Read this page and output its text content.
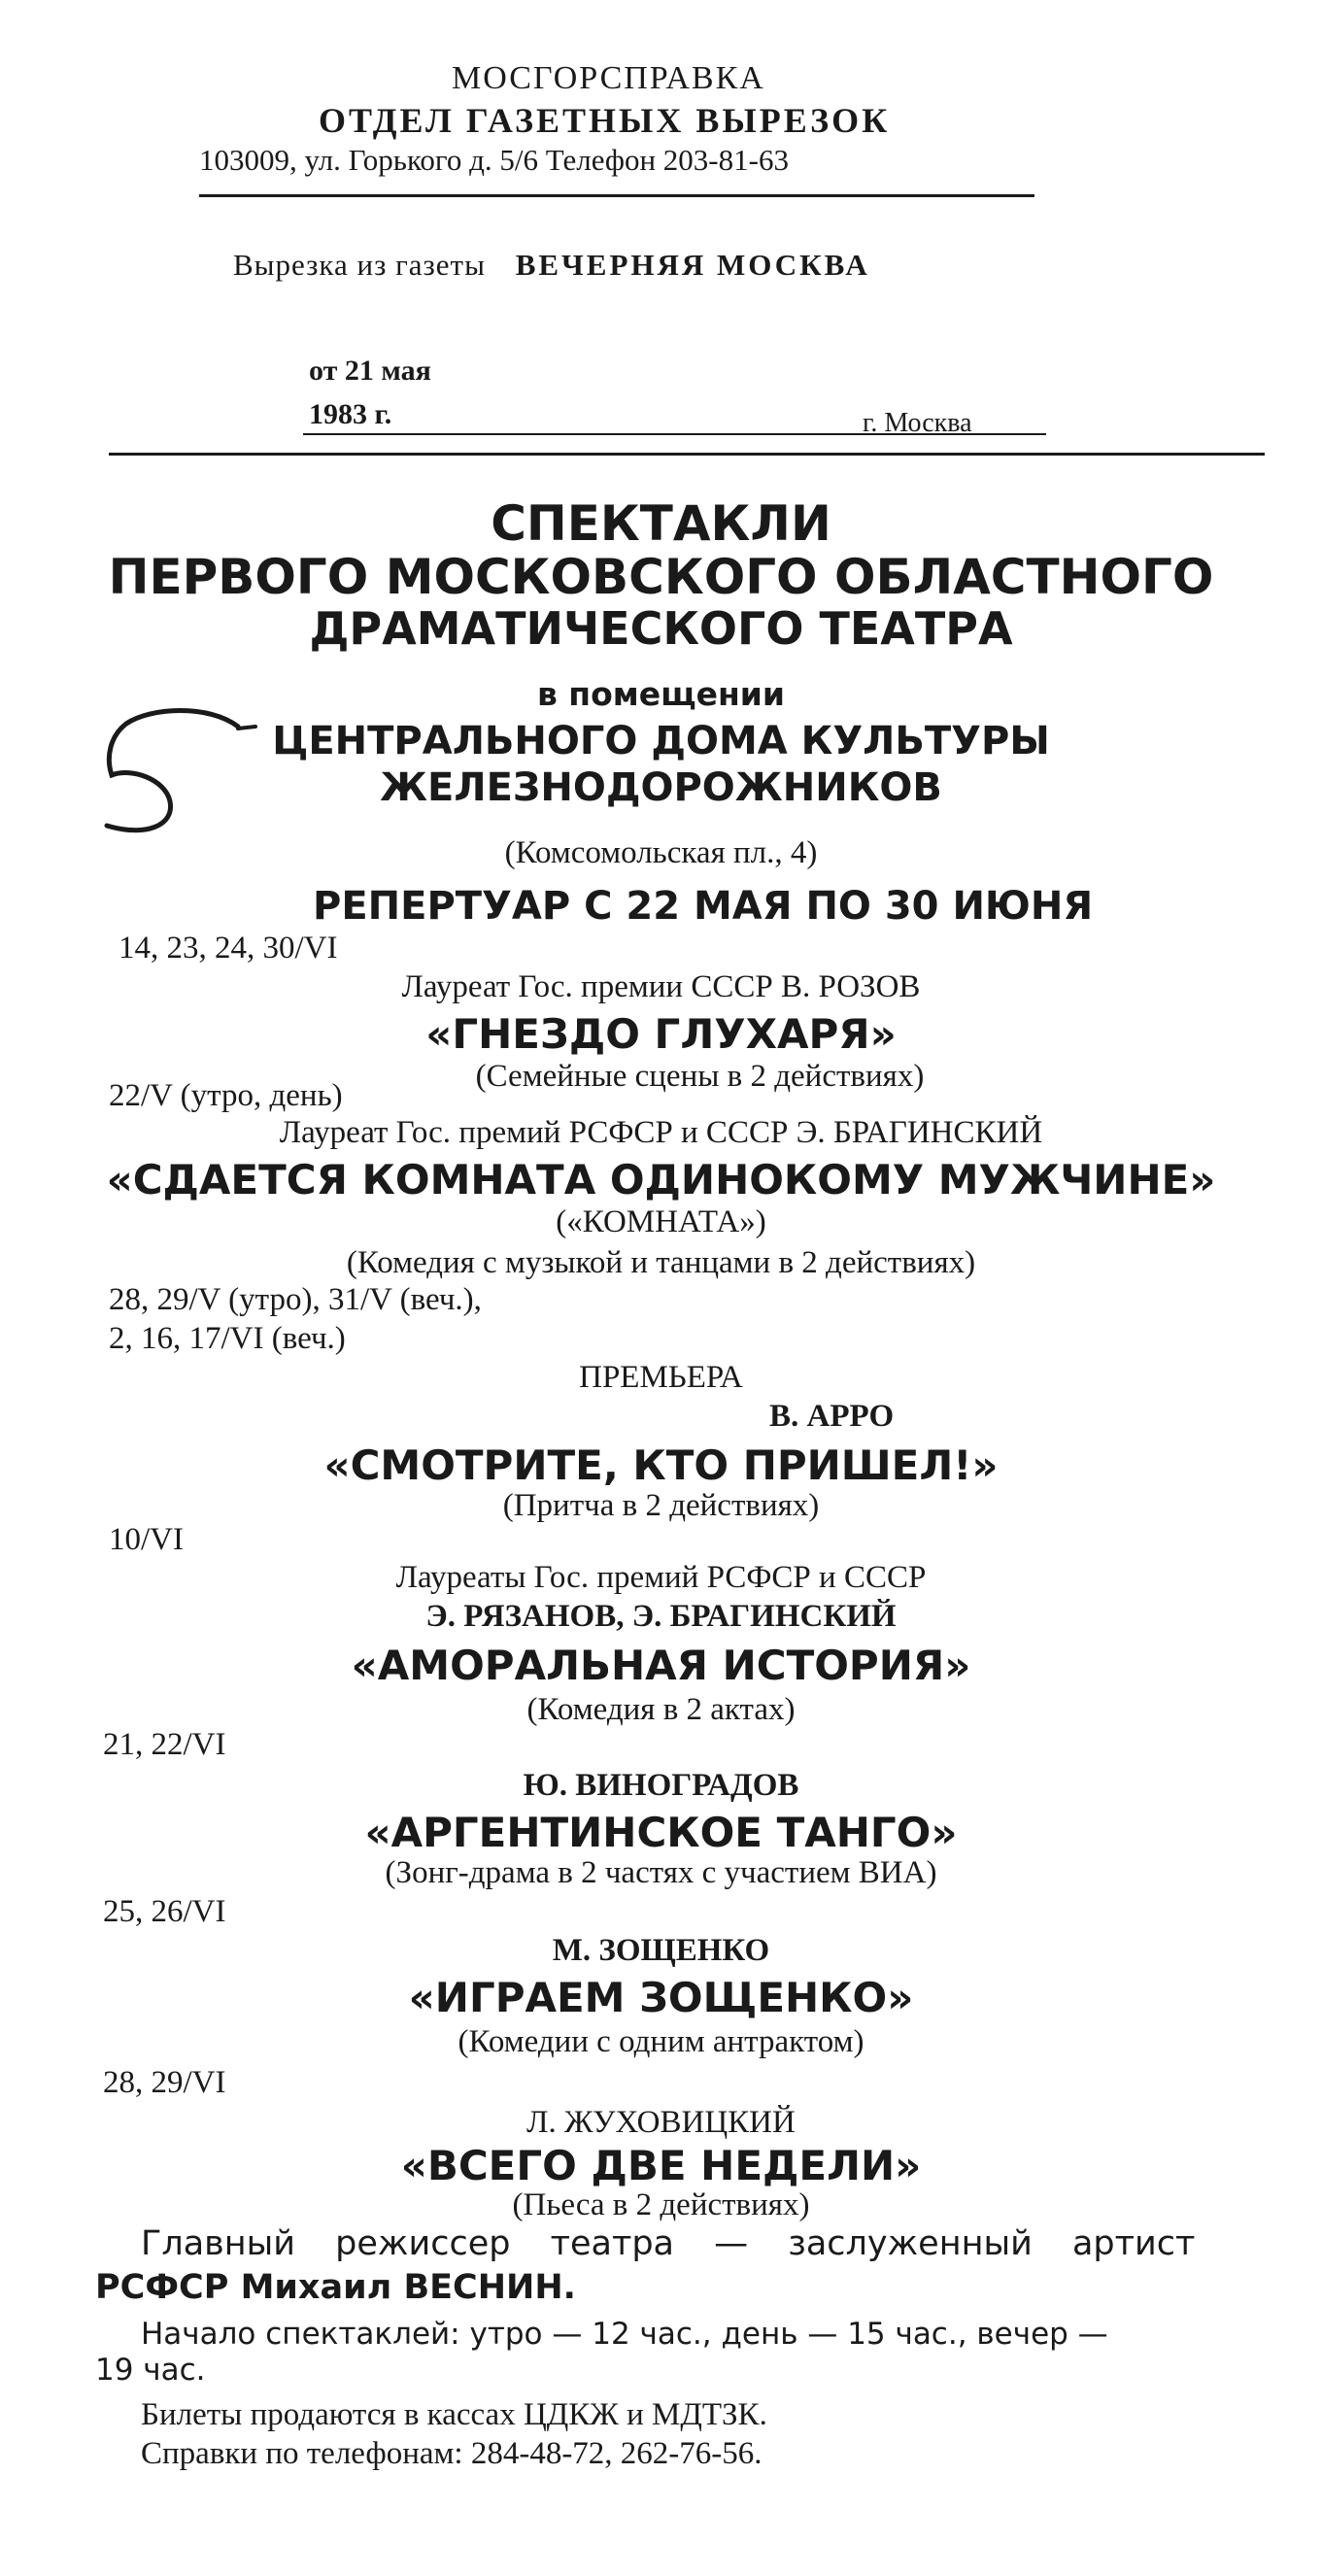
МОСГОРСПРАВКА
ОТДЕЛ ГАЗЕТНЫХ ВЫРЕЗОК
103009, ул. Горького д. 5/6 Телефон 203-81-63
Вырезка из газеты ВЕЧЕРНЯЯ МОСКВА
от 21 мая
1983 г.	г. Москва
СПЕКТАКЛИ
ПЕРВОГО МОСКОВСКОГО ОБЛАСТНОГО
ДРАМАТИЧЕСКОГО ТЕАТРА
в помещении
ЦЕНТРАЛЬНОГО ДОМА КУЛЬТУРЫ
ЖЕЛЕЗНОДОРОЖНИКОВ
(Комсомольская пл., 4)
РЕПЕРТУАР С 22 МАЯ ПО 30 ИЮНЯ
14, 23, 24, 30/VI
Лауреат Гос. премии СССР В. РОЗОВ
«ГНЕЗДО ГЛУХАРЯ»
(Семейные сцены в 2 действиях)
22/V (утро, день)
Лауреат Гос. премий РСФСР и СССР Э. БРАГИНСКИЙ
«СДАЕТСЯ КОМНАТА ОДИНОКОМУ МУЖЧИНЕ»
(«КОМНАТА»)
(Комедия с музыкой и танцами в 2 действиях)
28, 29/V (утро), 31/V (веч.),
2, 16, 17/VI (веч.)
ПРЕМЬЕРА
В. АРРО
«СМОТРИТЕ, КТО ПРИШЕЛ!»
(Притча в 2 действиях)
10/VI
Лауреаты Гос. премий РСФСР и СССР
Э. РЯЗАНОВ, Э. БРАГИНСКИЙ
«АМОРАЛЬНАЯ ИСТОРИЯ»
(Комедия в 2 актах)
21, 22/VI
Ю. ВИНОГРАДОВ
«АРГЕНТИНСКОЕ ТАНГО»
(Зонг-драма в 2 частях с участием ВИА)
25, 26/VI
М. ЗОЩЕНКО
«ИГРАЕМ ЗОЩЕНКО»
(Комедии с одним антрактом)
28, 29/VI
Л. ЖУХОВИЦКИЙ
«ВСЕГО ДВЕ НЕДЕЛИ»
(Пьеса в 2 действиях)
Главный режиссер театра — заслуженный артист
РСФСР Михаил ВЕСНИН.
Начало спектаклей: утро — 12 час., день — 15 час., вечер —
19 час.
Билеты продаются в кассах ЦДКЖ и МДТЗК.
Справки по телефонам: 284-48-72, 262-76-56.
